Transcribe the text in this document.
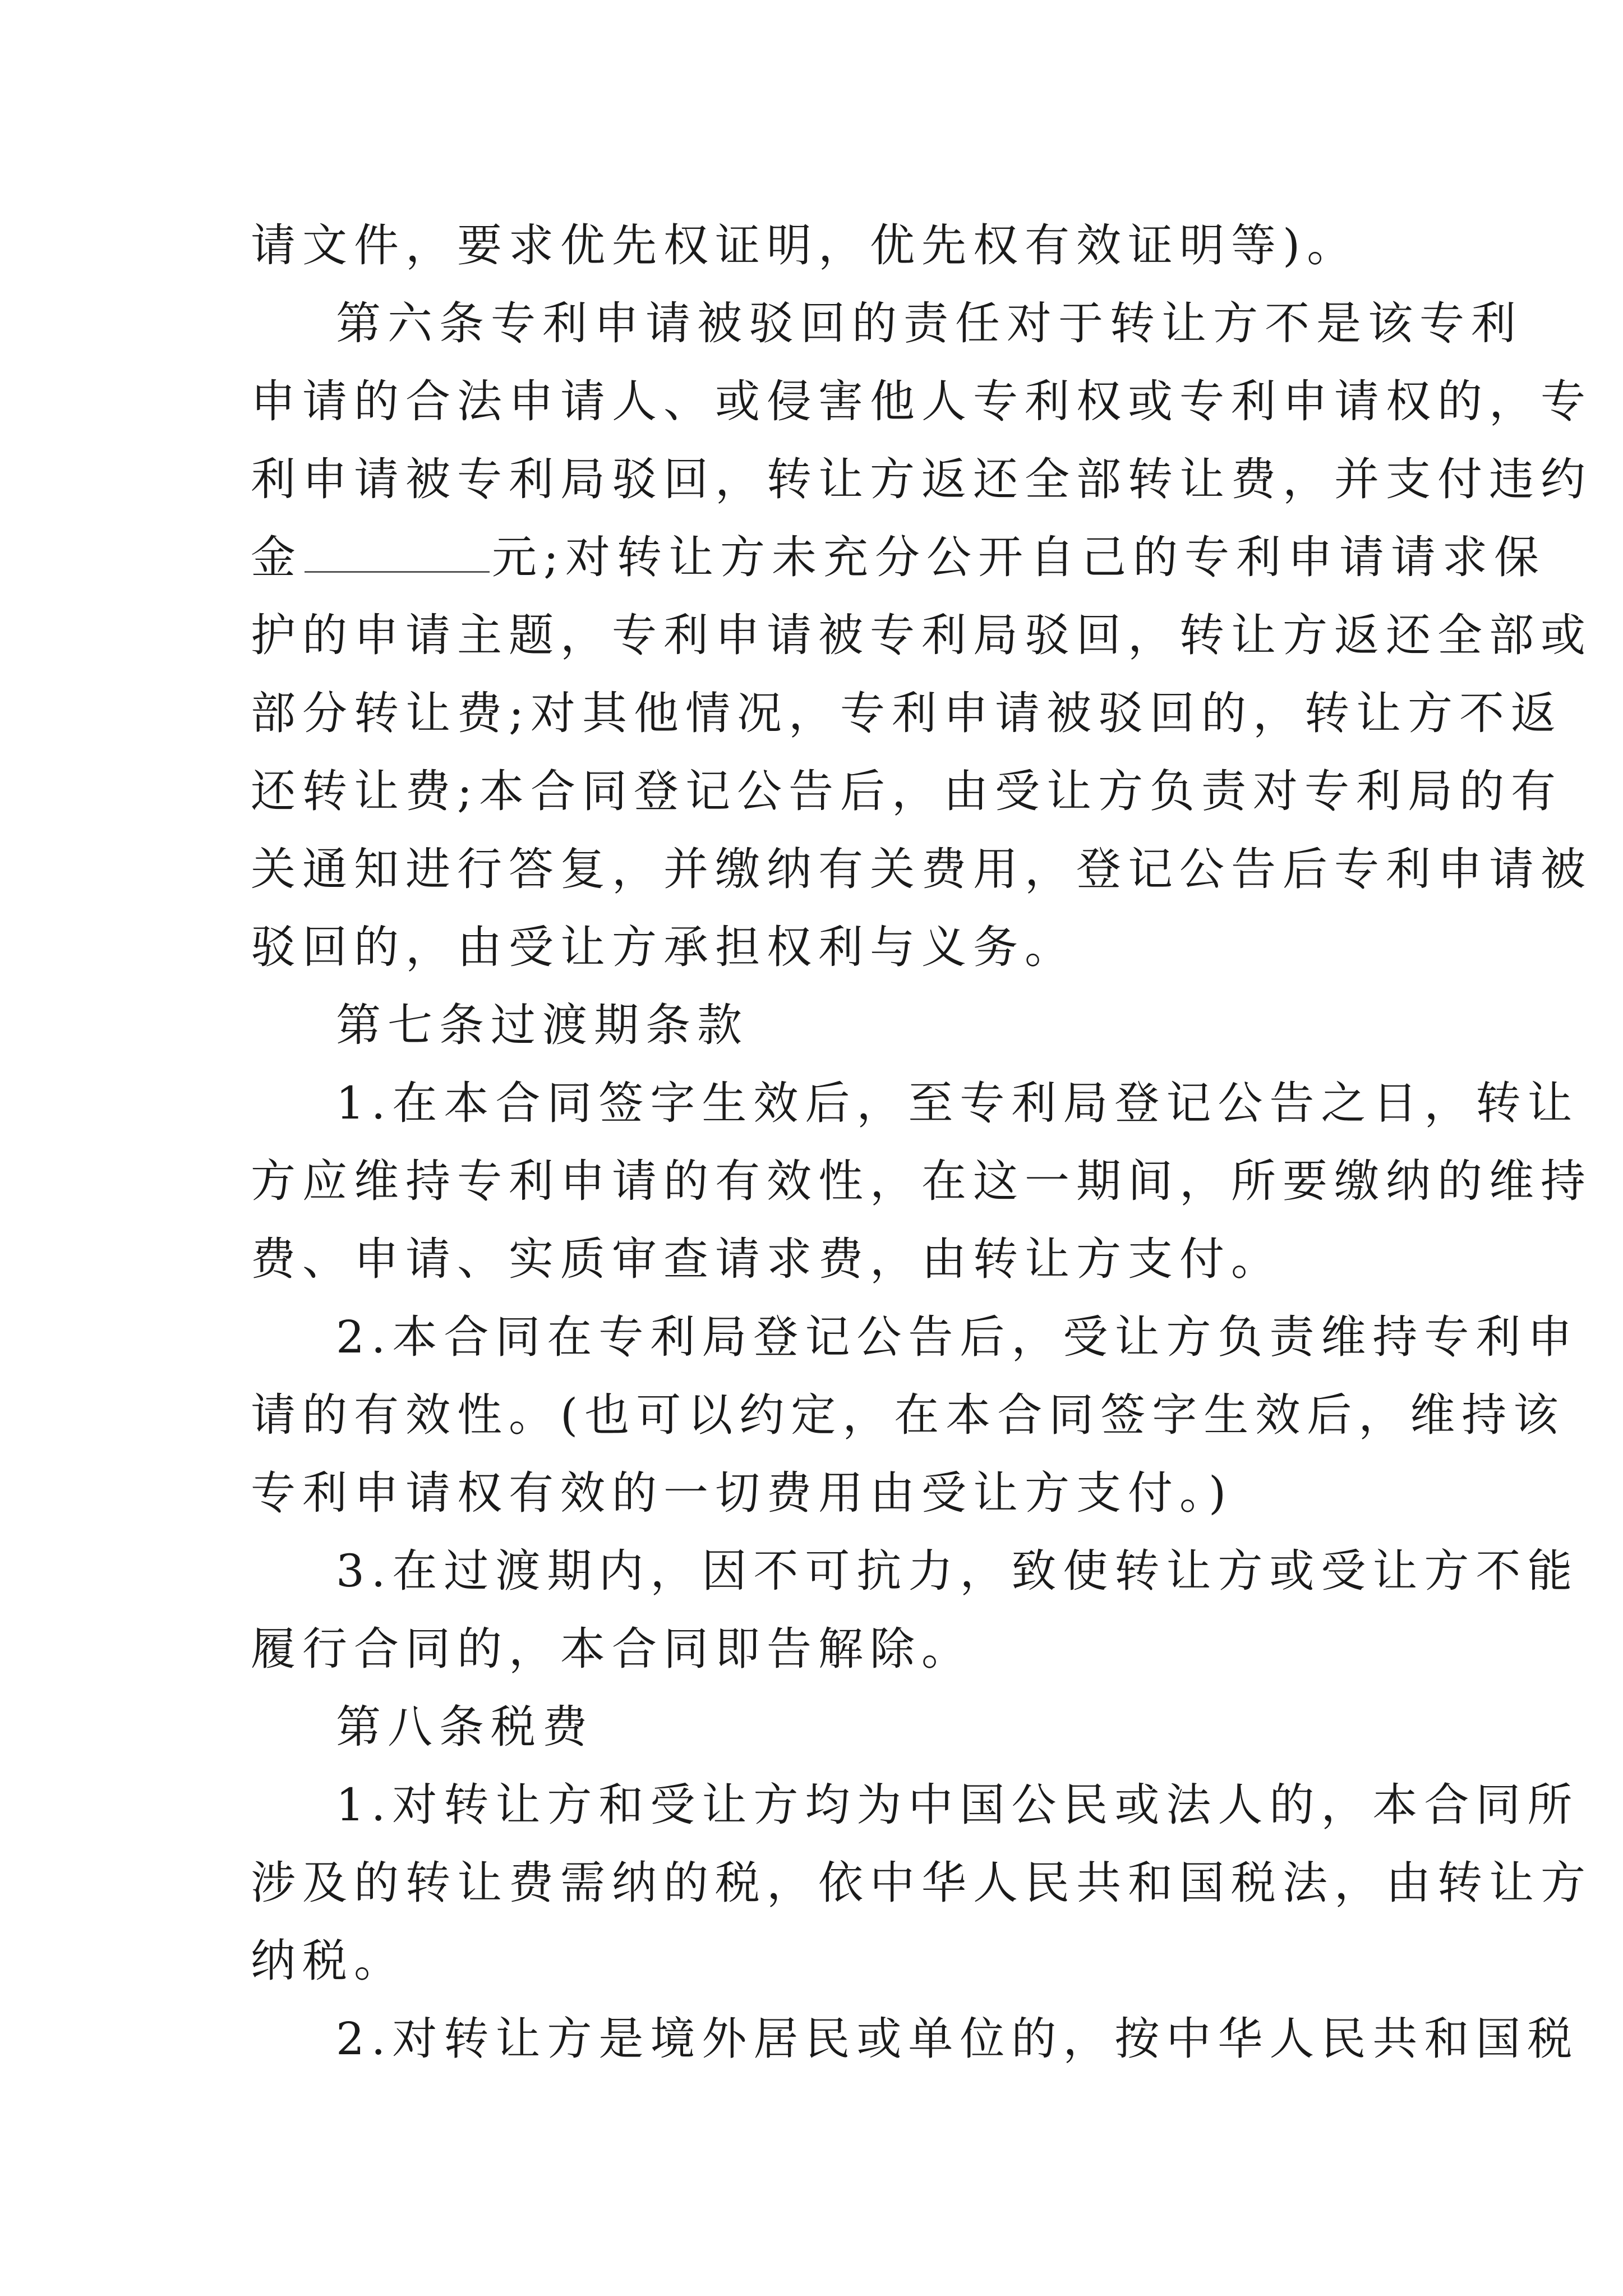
请文件，要求优先权证明，优先权有效证明等)。
第六条专利申请被驳回的责任对于转让方不是该专利
申请的合法申请人、或侵害他人专利权或专利申请权的，专
利申请被专利局驳回，转让方返还全部转让费，并支付违约
金	元;对转让方未充分公开自己的专利申请请求保
护的申请主题，专利申请被专利局驳回，转让方返还全部或
部分转让费;对其他情况，专利申请被驳回的，转让方不返
还转让费;本合同登记公告后，由受让方负责对专利局的有
关通知进行答复，并缴纳有关费用，登记公告后专利申请被
驳回的，由受让方承担权利与义务。
第七条过渡期条款
1.在本合同签字生效后，至专利局登记公告之日，转让
方应维持专利申请的有效性，在这一期间，所要缴纳的维持
费、申请、实质审查请求费，由转让方支付。
2.本合同在专利局登记公告后，受让方负责维持专利申
请的有效性。(也可以约定，在本合同签字生效后，维持该
专利申请权有效的一切费用由受让方支付。)
3.在过渡期内，因不可抗力，致使转让方或受让方不能
履行合同的，本合同即告解除。
第八条税费
1.对转让方和受让方均为中国公民或法人的，本合同所
涉及的转让费需纳的税，依中华人民共和国税法，由转让方
纳税。
2.对转让方是境外居民或单位的，按中华人民共和国税
